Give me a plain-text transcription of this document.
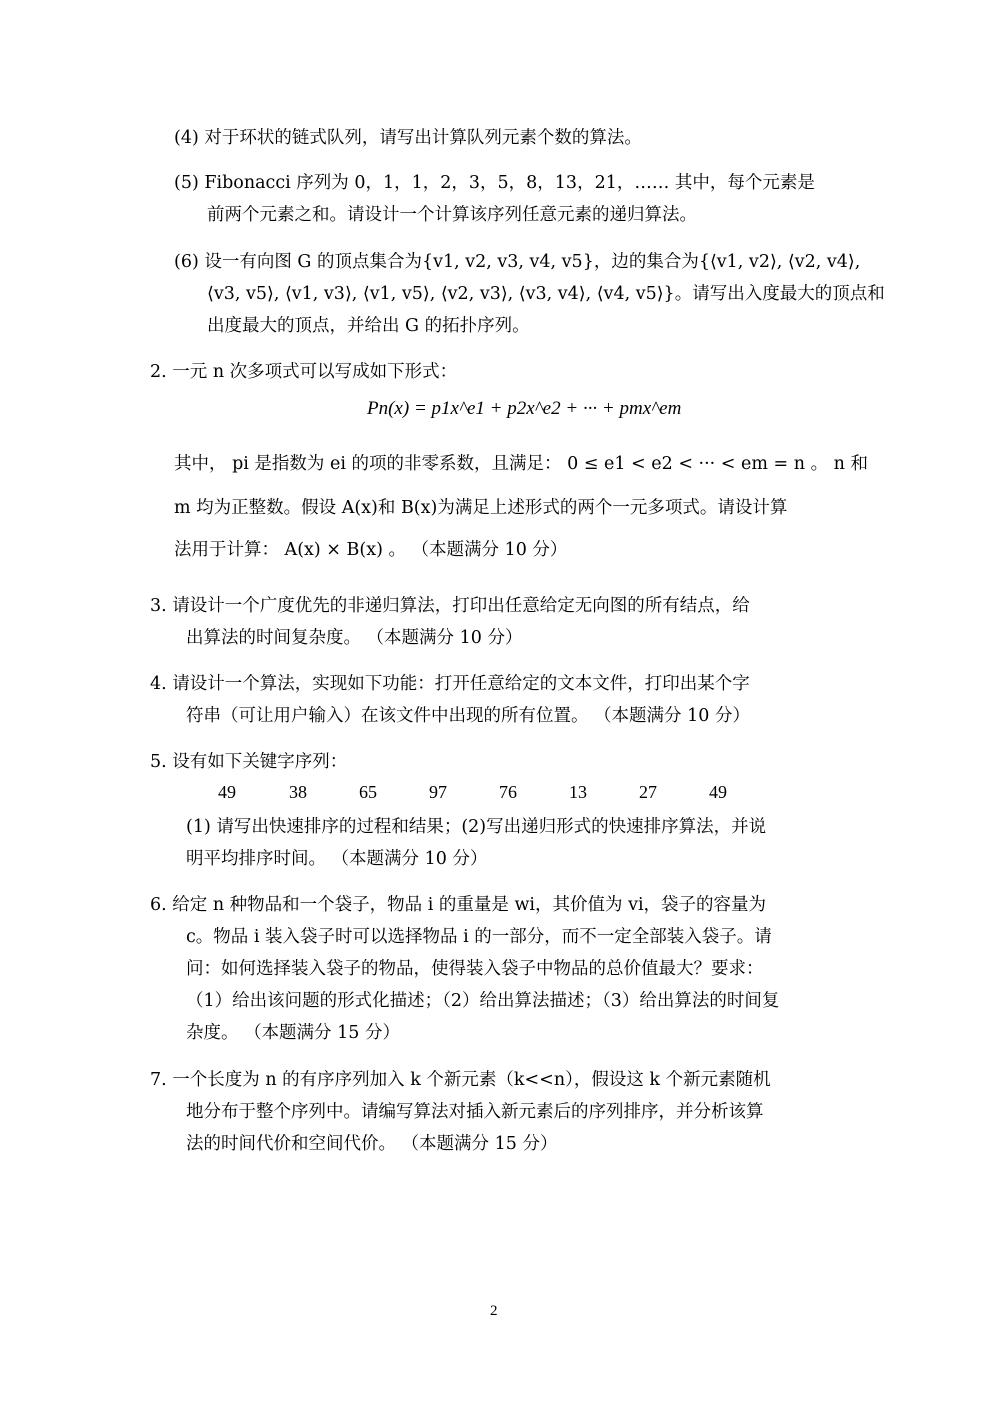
(4) 对于环状的链式队列，请写出计算队列元素个数的算法。
(5) Fibonacci 序列为 0，1，1，2，3，5，8，13，21，…… 其中，每个元素是
前两个元素之和。请设计一个计算该序列任意元素的递归算法。
(6) 设一有向图 G 的顶点集合为{v1, v2, v3, v4, v5}，边的集合为{⟨v1, v2⟩, ⟨v2, v4⟩,
⟨v3, v5⟩, ⟨v1, v3⟩, ⟨v1, v5⟩, ⟨v2, v3⟩, ⟨v3, v4⟩, ⟨v4, v5⟩}。请写出入度最大的顶点和
出度最大的顶点，并给出 G 的拓扑序列。
2. 一元 n 次多项式可以写成如下形式：
Pn(x) = p1x^e1 + p2x^e2 + ··· + pmx^em
其中， pi 是指数为 ei 的项的非零系数，且满足： 0 ≤ e1 < e2 < ··· < em = n 。 n 和
m 均为正整数。假设 A(x)和 B(x)为满足上述形式的两个一元多项式。请设计算
法用于计算： A(x) × B(x) 。 （本题满分 10 分）
3. 请设计一个广度优先的非递归算法，打印出任意给定无向图的所有结点，给
出算法的时间复杂度。 （本题满分 10 分）
4. 请设计一个算法，实现如下功能：打开任意给定的文本文件，打印出某个字
符串（可让用户输入）在该文件中出现的所有位置。 （本题满分 10 分）
5. 设有如下关键字序列：
49	38	65	97	76	13	27	49
(1) 请写出快速排序的过程和结果；(2)写出递归形式的快速排序算法，并说
明平均排序时间。 （本题满分 10 分）
6. 给定 n 种物品和一个袋子，物品 i 的重量是 wi，其价值为 vi，袋子的容量为
c。物品 i 装入袋子时可以选择物品 i 的一部分，而不一定全部装入袋子。请
问：如何选择装入袋子的物品，使得装入袋子中物品的总价值最大？要求：
（1）给出该问题的形式化描述；（2）给出算法描述；（3）给出算法的时间复
杂度。 （本题满分 15 分）
7. 一个长度为 n 的有序序列加入 k 个新元素（k<<n），假设这 k 个新元素随机
地分布于整个序列中。请编写算法对插入新元素后的序列排序，并分析该算
法的时间代价和空间代价。 （本题满分 15 分）
2
